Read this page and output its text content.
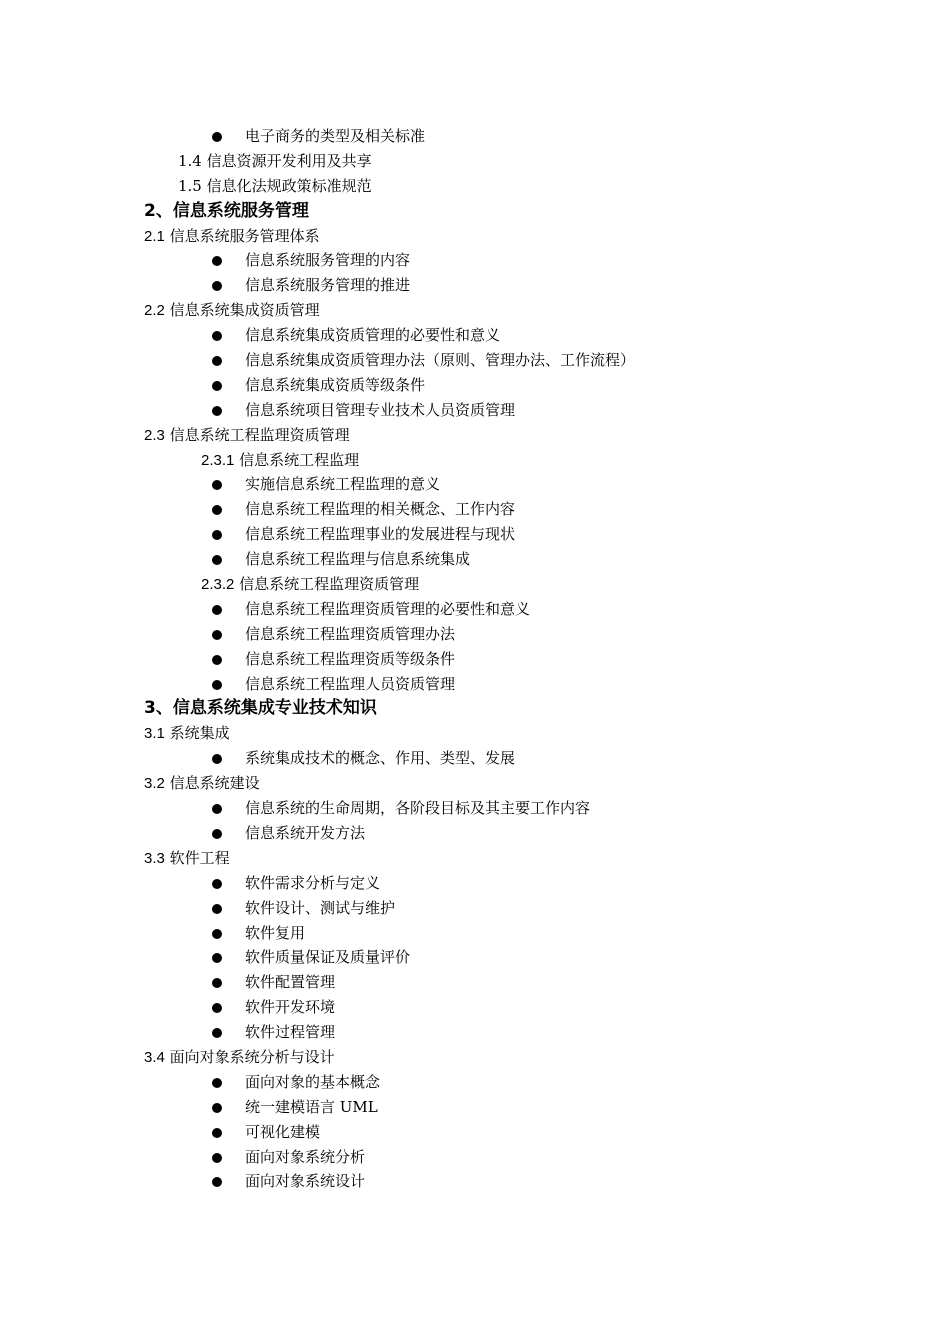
电子商务的类型及相关标准
1.4 信息资源开发利用及共享
1.5 信息化法规政策标准规范
2、信息系统服务管理
2.1 信息系统服务管理体系
信息系统服务管理的内容
信息系统服务管理的推进
2.2 信息系统集成资质管理
信息系统集成资质管理的必要性和意义
信息系统集成资质管理办法（原则、管理办法、工作流程）
信息系统集成资质等级条件
信息系统项目管理专业技术人员资质管理
2.3 信息系统工程监理资质管理
2.3.1 信息系统工程监理
实施信息系统工程监理的意义
信息系统工程监理的相关概念、工作内容
信息系统工程监理事业的发展进程与现状
信息系统工程监理与信息系统集成
2.3.2 信息系统工程监理资质管理
信息系统工程监理资质管理的必要性和意义
信息系统工程监理资质管理办法
信息系统工程监理资质等级条件
信息系统工程监理人员资质管理
3、信息系统集成专业技术知识
3.1 系统集成
系统集成技术的概念、作用、类型、发展
3.2 信息系统建设
信息系统的生命周期，各阶段目标及其主要工作内容
信息系统开发方法
3.3 软件工程
软件需求分析与定义
软件设计、测试与维护
软件复用
软件质量保证及质量评价
软件配置管理
软件开发环境
软件过程管理
3.4 面向对象系统分析与设计
面向对象的基本概念
统一建模语言 UML
可视化建模
面向对象系统分析
面向对象系统设计
